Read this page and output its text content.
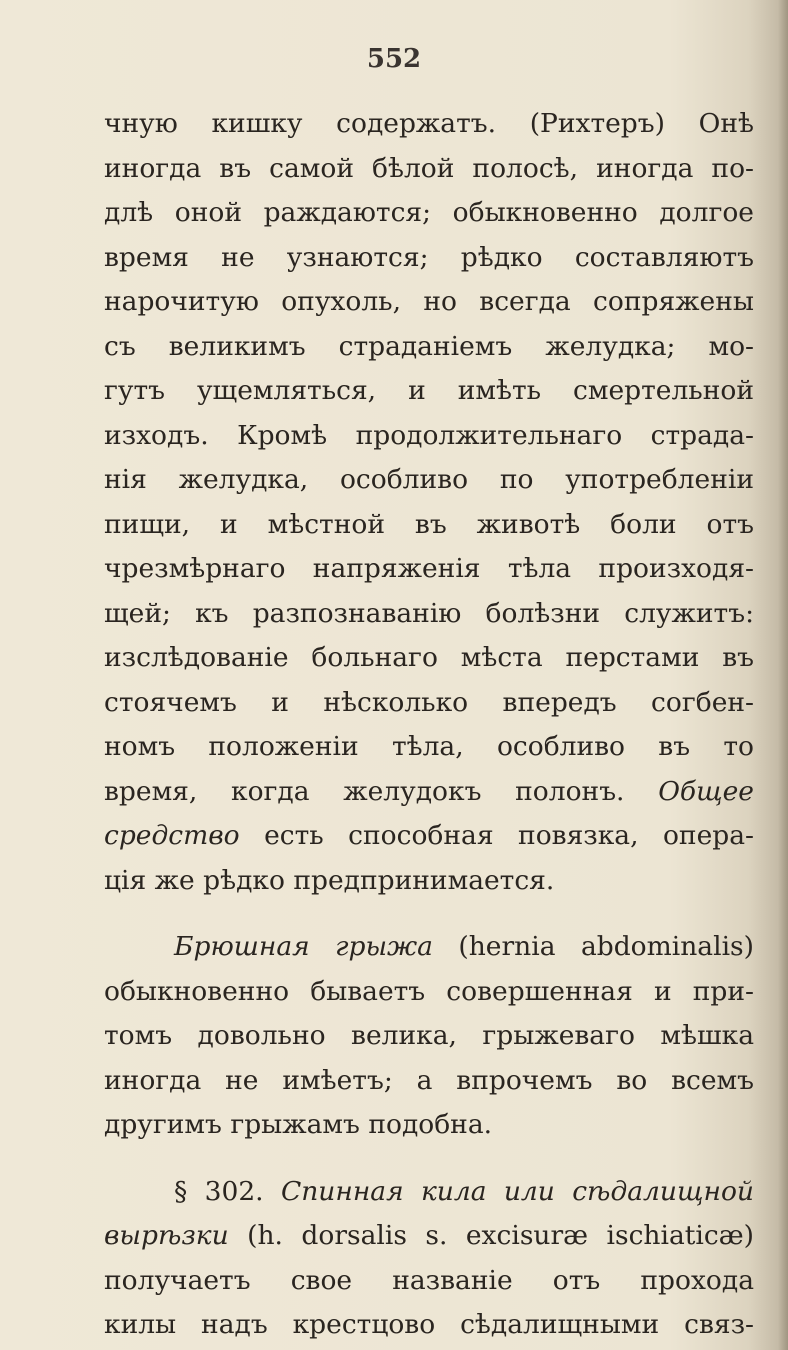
552
чную кишку содержатъ. (Рихтеръ) Онѣ
иногда въ самой бѣлой полосѣ, иногда по-
длѣ оной раждаются; обыкновенно долгое
время не узнаются; рѣдко составляютъ
нарочитую опухоль, но всегда сопряжены
съ великимъ страданіемъ желудка; мо-
гутъ ущемляться, и имѣть смертельной
изходъ. Кромѣ продолжительнаго страда-
нія желудка, особливо по употребленіи
пищи, и мѣстной въ животѣ боли отъ
чрезмѣрнаго напряженія тѣла произходя-
щей; къ разпознаванію болѣзни служитъ:
изслѣдованіе больнаго мѣста перстами въ
стоячемъ и нѣсколько впередъ согбен-
номъ положеніи тѣла, особливо въ то
время, когда желудокъ полонъ. Общее
средство есть способная повязка, опера-
ція же рѣдко предпринимается.
Брюшная грыжа (hernia abdominalis)
обыкновенно бываетъ совершенная и при-
томъ довольно велика, грыжеваго мѣшка
иногда не имѣетъ; а впрочемъ во всемъ
другимъ грыжамъ подобна.
§ 302. Спинная кила или сѣдалищной
вырѣзки (h. dorsalis s. excisuræ ischiaticæ)
получаетъ свое названіе отъ прохода
килы надъ крестцово сѣдалищными связ-
